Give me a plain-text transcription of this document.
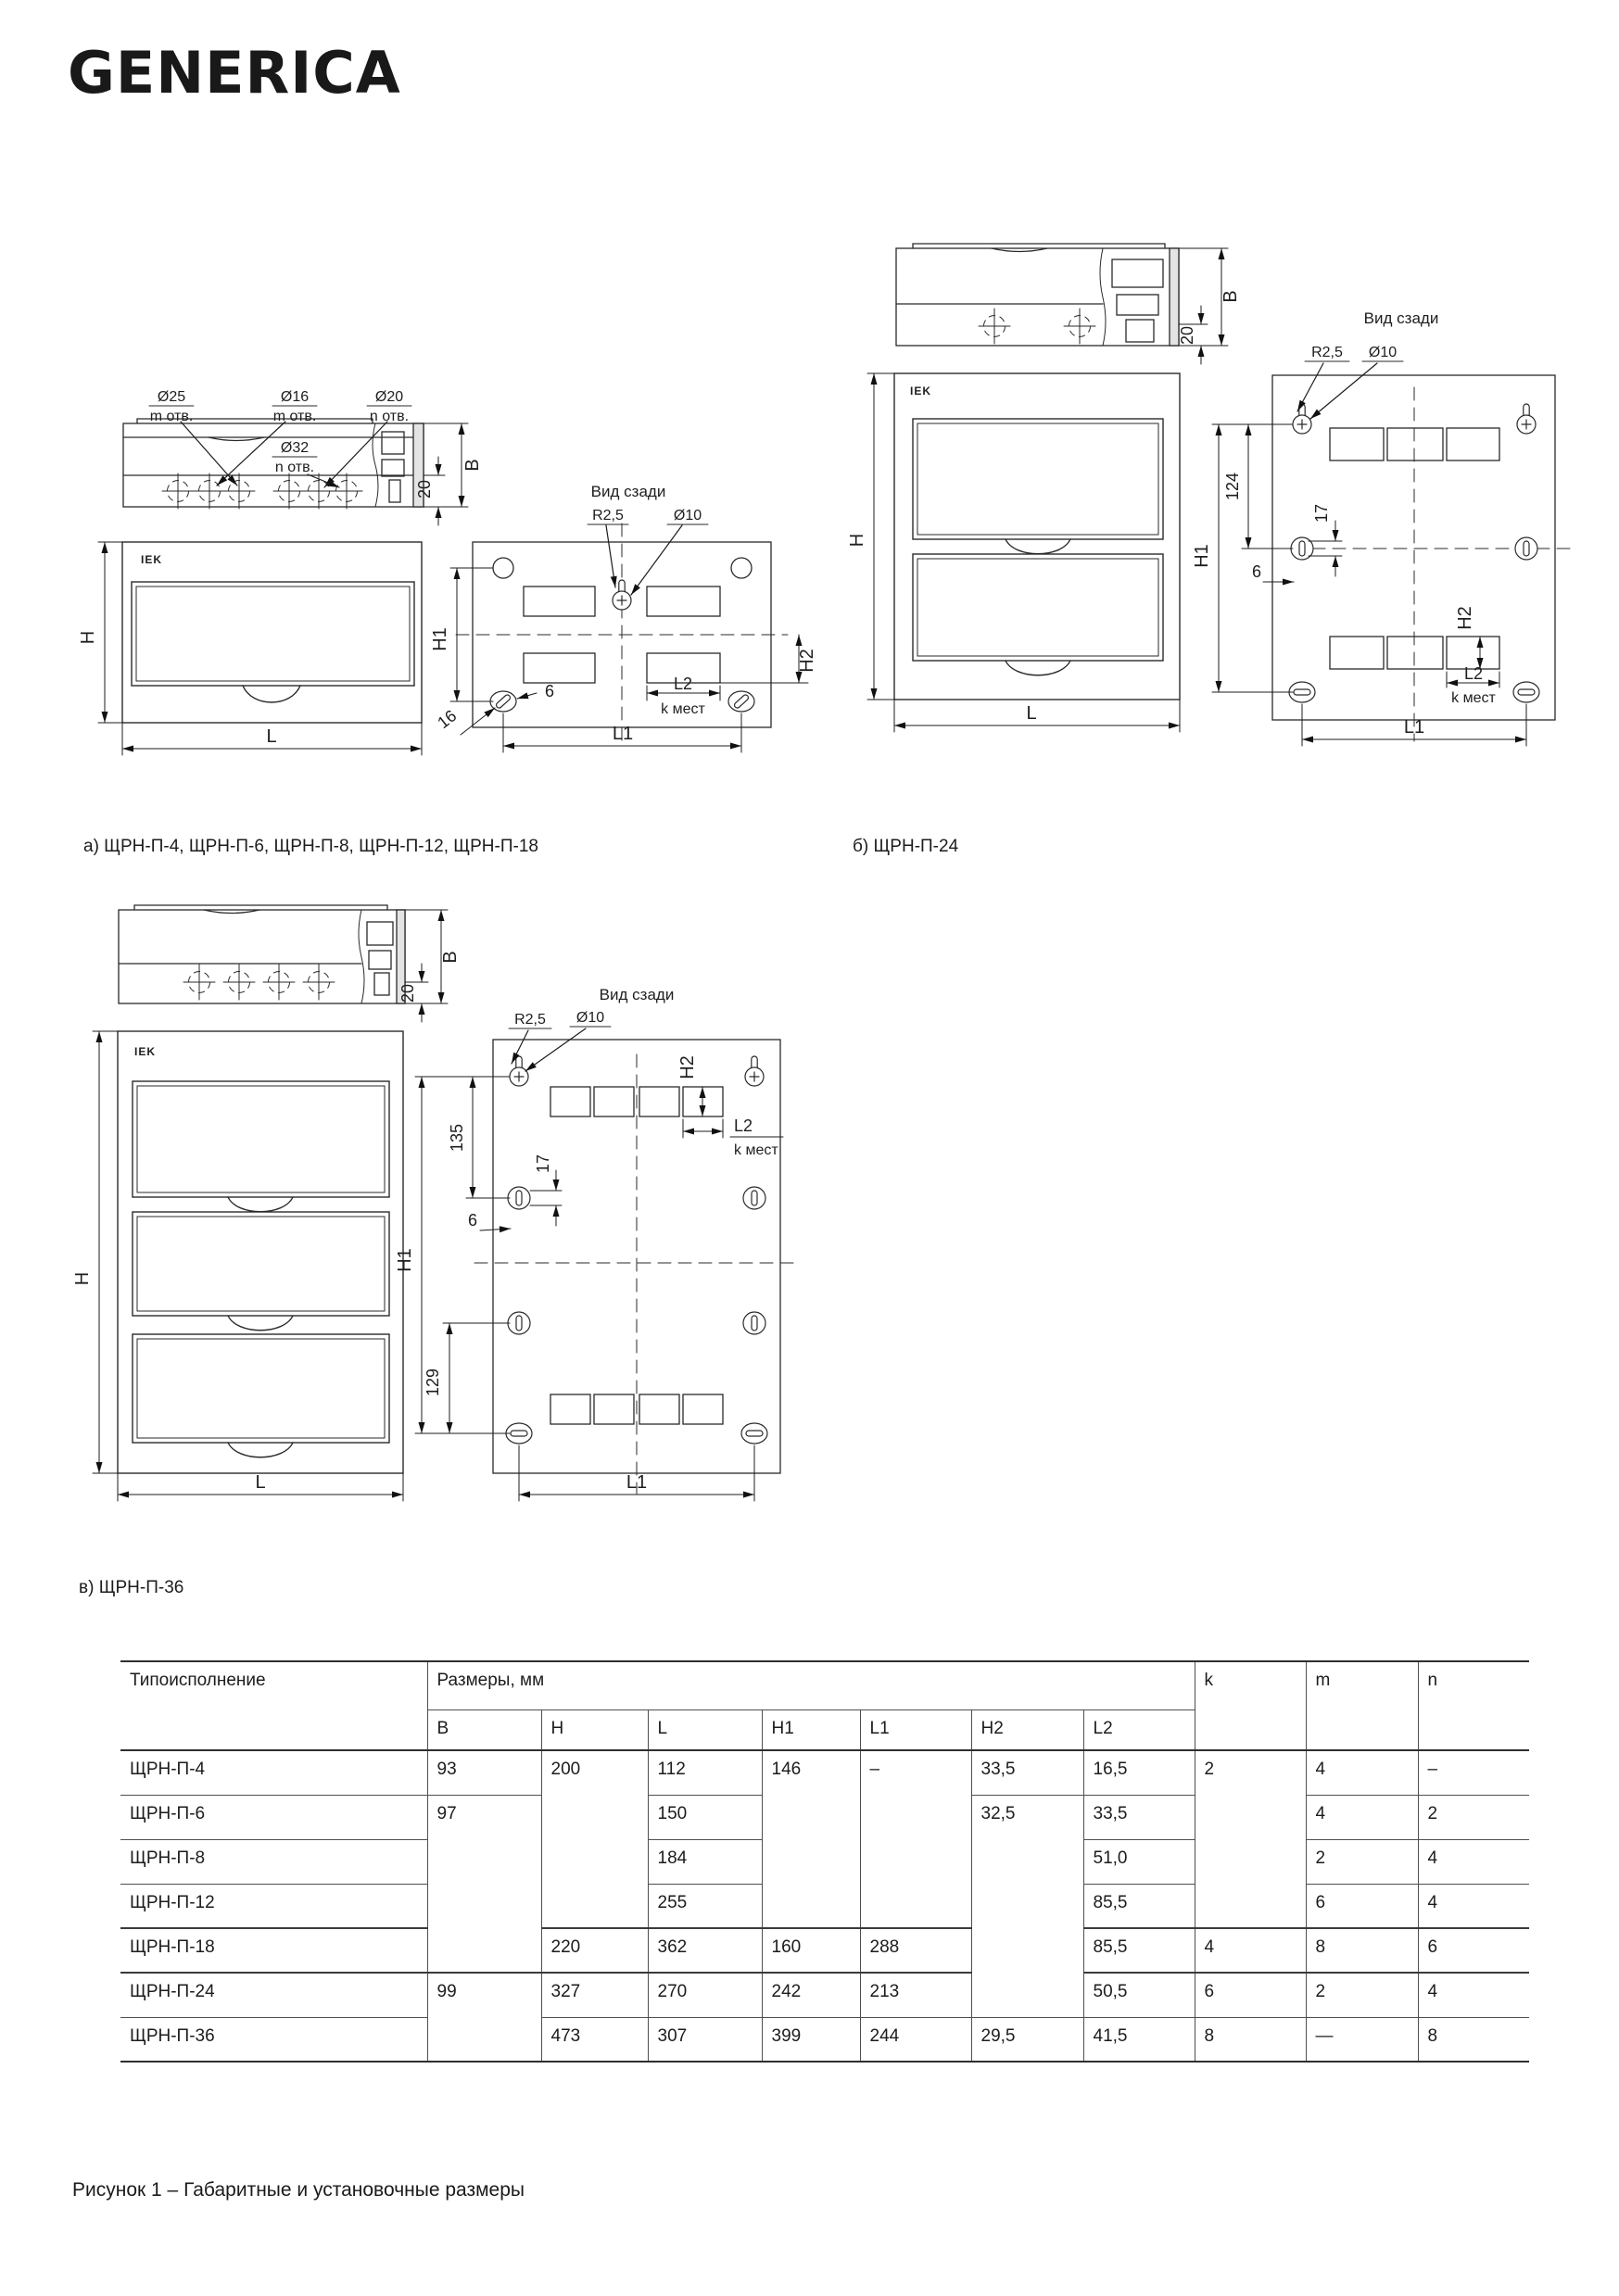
GENERICA
Ø25
m отв.
Ø16
m отв.
Ø20
n отв.
Ø32
n отв.	B
20
IEK
H
L
Вид сзади
R2,5	Ø10
H1
H2
L2
k мест
L1
16
6
B
20
IEK
H
L
Вид сзади
R2,5 Ø10
124
H1
17
6
H2
L2
k мест
L1
B
20
IEK
H
L
Вид сзади
R2,5 Ø10
135
H1
129
17
6
H2
L2
k мест
L1
а) ЩРН-П-4, ЩРН-П-6, ЩРН-П-8, ЩРН-П-12, ЩРН-П-18	б) ЩРН-П-24
в) ЩРН-П-36
Типоисполнение	Размеры, мм							k	m	n
	B	H	L	H1	L1	H2	L2			
ЩРН-П-4	93	200	112	146	–	33,5	16,5	2	4	–
ЩРН-П-6	97		150			32,5	33,5		4	2
ЩРН-П-8			184				51,0		2	4
ЩРН-П-12			255				85,5		6	4
ЩРН-П-18		220	362	160	288		85,5	4	8	6
ЩРН-П-24	99	327	270	242	213		50,5	6	2	4
ЩРН-П-36		473	307	399	244	29,5	41,5	8	—	8
Рисунок 1 – Габаритные и установочные размеры
